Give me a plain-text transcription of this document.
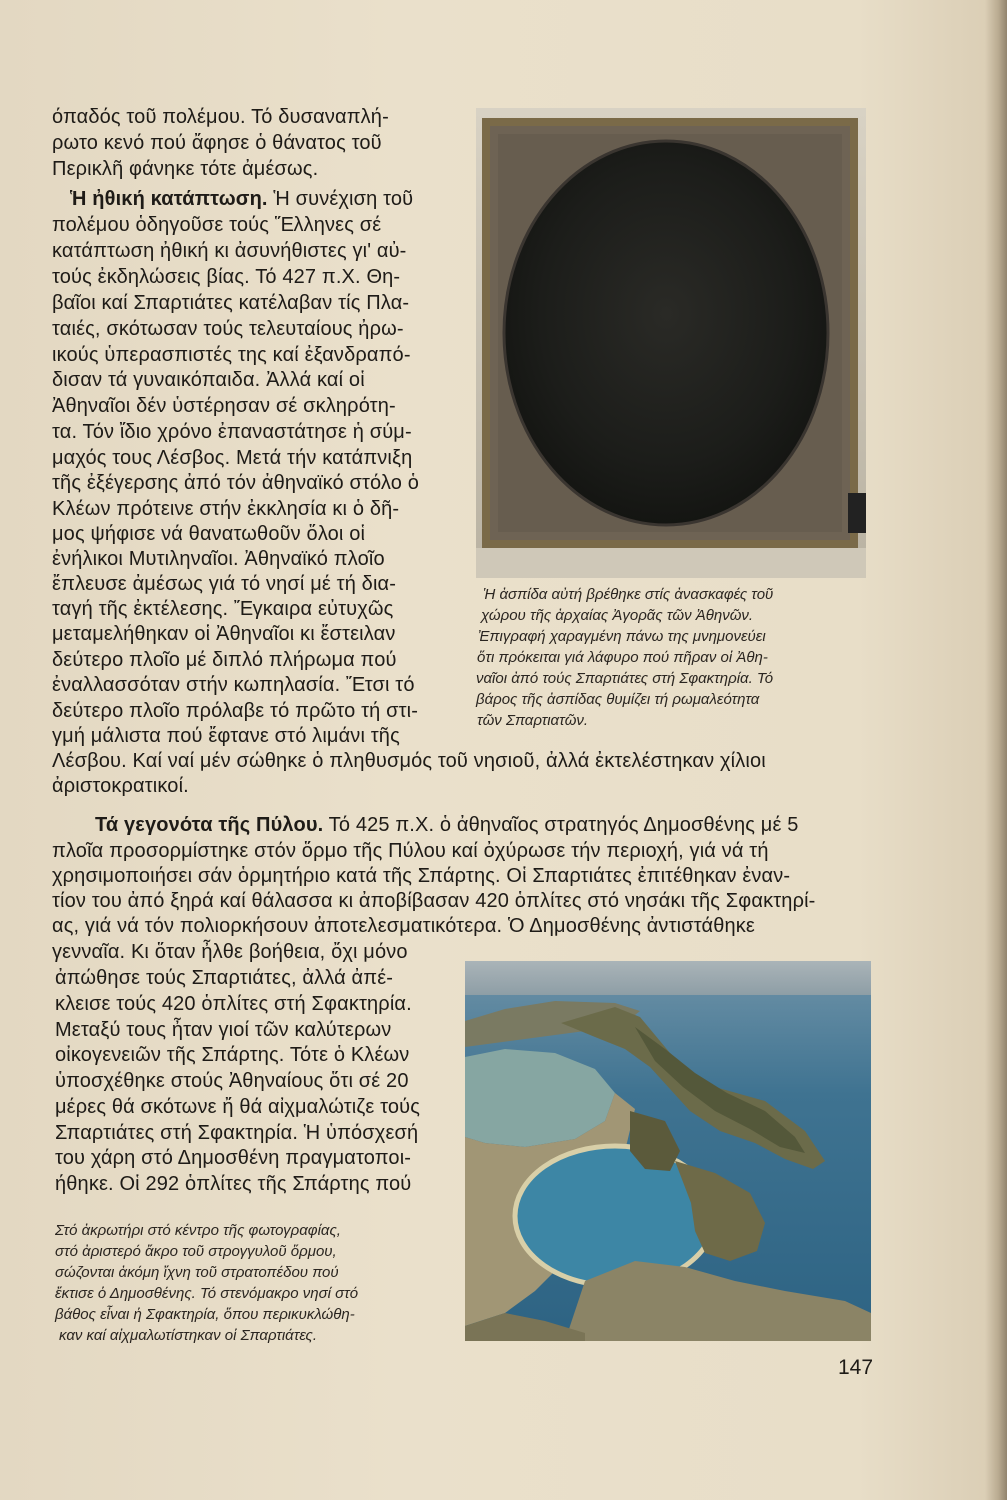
όπαδός τοῦ πολέμου. Τό δυσαναπλή-
ρωτο κενό πού ἄφησε ὁ θάνατος τοῦ
Περικλῆ φάνηκε τότε ἀμέσως.
Ἡ ἠθική κατάπτωση. Ἡ συνέχιση τοῦ
πολέμου ὁδηγοῦσε τούς Ἕλληνες σέ
κατάπτωση ἠθική κι ἀσυνήθιστες γι' αὐ-
τούς ἐκδηλώσεις βίας. Τό 427 π.Χ. Θη-
βαῖοι καί Σπαρτιάτες κατέλαβαν τίς Πλα-
ταιές, σκότωσαν τούς τελευταίους ἠρω-
ικούς ὑπερασπιστές της καί ἐξανδραπό-
δισαν τά γυναικόπαιδα. Ἀλλά καί οἱ
Ἀθηναῖοι δέν ὑστέρησαν σέ σκληρότη-
τα. Τόν ἴδιο χρόνο ἐπαναστάτησε ἡ σύμ-
μαχός τους Λέσβος. Μετά τήν κατάπνιξη
τῆς ἐξέγερσης ἀπό τόν ἀθηναϊκό στόλο ὁ
Κλέων πρότεινε στήν ἐκκλησία κι ὁ δῆ-
μος ψήφισε νά θανατωθοῦν ὅλοι οἱ
ἐνήλικοι Μυτιληναῖοι. Ἀθηναϊκό πλοῖο
ἔπλευσε ἀμέσως γιά τό νησί μέ τή δια-
ταγή τῆς ἐκτέλεσης. Ἔγκαιρα εὐτυχῶς
μεταμελήθηκαν οἱ Ἀθηναῖοι κι ἔστειλαν
δεύτερο πλοῖο μέ διπλό πλήρωμα πού
ἐναλλασσόταν στήν κωπηλασία. Ἔτσι τό
δεύτερο πλοῖο πρόλαβε τό πρῶτο τή στι-
γμή μάλιστα πού ἔφτανε στό λιμάνι τῆς
Λέσβου. Καί ναί μέν σώθηκε ὁ πληθυσμός τοῦ νησιοῦ, ἀλλά ἐκτελέστηκαν χίλιοι
ἀριστοκρατικοί.
Ἡ ἀσπίδα αὐτή βρέθηκε στίς ἀνασκαφές τοῦ
χώρου τῆς ἀρχαίας Ἀγορᾶς τῶν Ἀθηνῶν.
Ἐπιγραφή χαραγμένη πάνω της μνημονεύει
ὅτι πρόκειται γιά λάφυρο πού πῆραν οἱ Ἀθη-
ναῖοι ἀπό τούς Σπαρτιάτες στή Σφακτηρία. Τό
βάρος τῆς ἀσπίδας θυμίζει τή ρωμαλεότητα
τῶν Σπαρτιατῶν.
Τά γεγονότα τῆς Πύλου. Τό 425 π.Χ. ὁ ἀθηναῖος στρατηγός Δημοσθένης μέ 5
πλοῖα προσορμίστηκε στόν ὅρμο τῆς Πύλου καί ὀχύρωσε τήν περιοχή, γιά νά τή
χρησιμοποιήσει σάν ὁρμητήριο κατά τῆς Σπάρτης. Οἱ Σπαρτιάτες ἐπιτέθηκαν ἐναν-
τίον του ἀπό ξηρά καί θάλασσα κι ἀποβίβασαν 420 ὁπλίτες στό νησάκι τῆς Σφακτηρί-
ας, γιά νά τόν πολιορκήσουν ἀποτελεσματικότερα. Ὁ Δημοσθένης ἀντιστάθηκε
γενναῖα. Κι ὅταν ἦλθε βοήθεια, ὄχι μόνο
ἀπώθησε τούς Σπαρτιάτες, ἀλλά ἀπέ-
κλεισε τούς 420 ὁπλίτες στή Σφακτηρία.
Μεταξύ τους ἦταν γιοί τῶν καλύτερων
οἰκογενειῶν τῆς Σπάρτης. Τότε ὁ Κλέων
ὑποσχέθηκε στούς Ἀθηναίους ὅτι σέ 20
μέρες θά σκότωνε ἤ θά αἰχμαλώτιζε τούς
Σπαρτιάτες στή Σφακτηρία. Ἡ ὑπόσχεσή
του χάρη στό Δημοσθένη πραγματοποι-
ήθηκε. Οἱ 292 ὁπλίτες τῆς Σπάρτης πού
Στό ἀκρωτήρι στό κέντρο τῆς φωτογραφίας,
στό ἀριστερό ἄκρο τοῦ στρογγυλοῦ ὅρμου,
σώζονται ἀκόμη ἴχνη τοῦ στρατοπέδου πού
ἔκτισε ὁ Δημοσθένης. Τό στενόμακρο νησί στό
βάθος εἶναι ἡ Σφακτηρία, ὅπου περικυκλώθη-
καν καί αἰχμαλωτίστηκαν οἱ Σπαρτιάτες.
147
